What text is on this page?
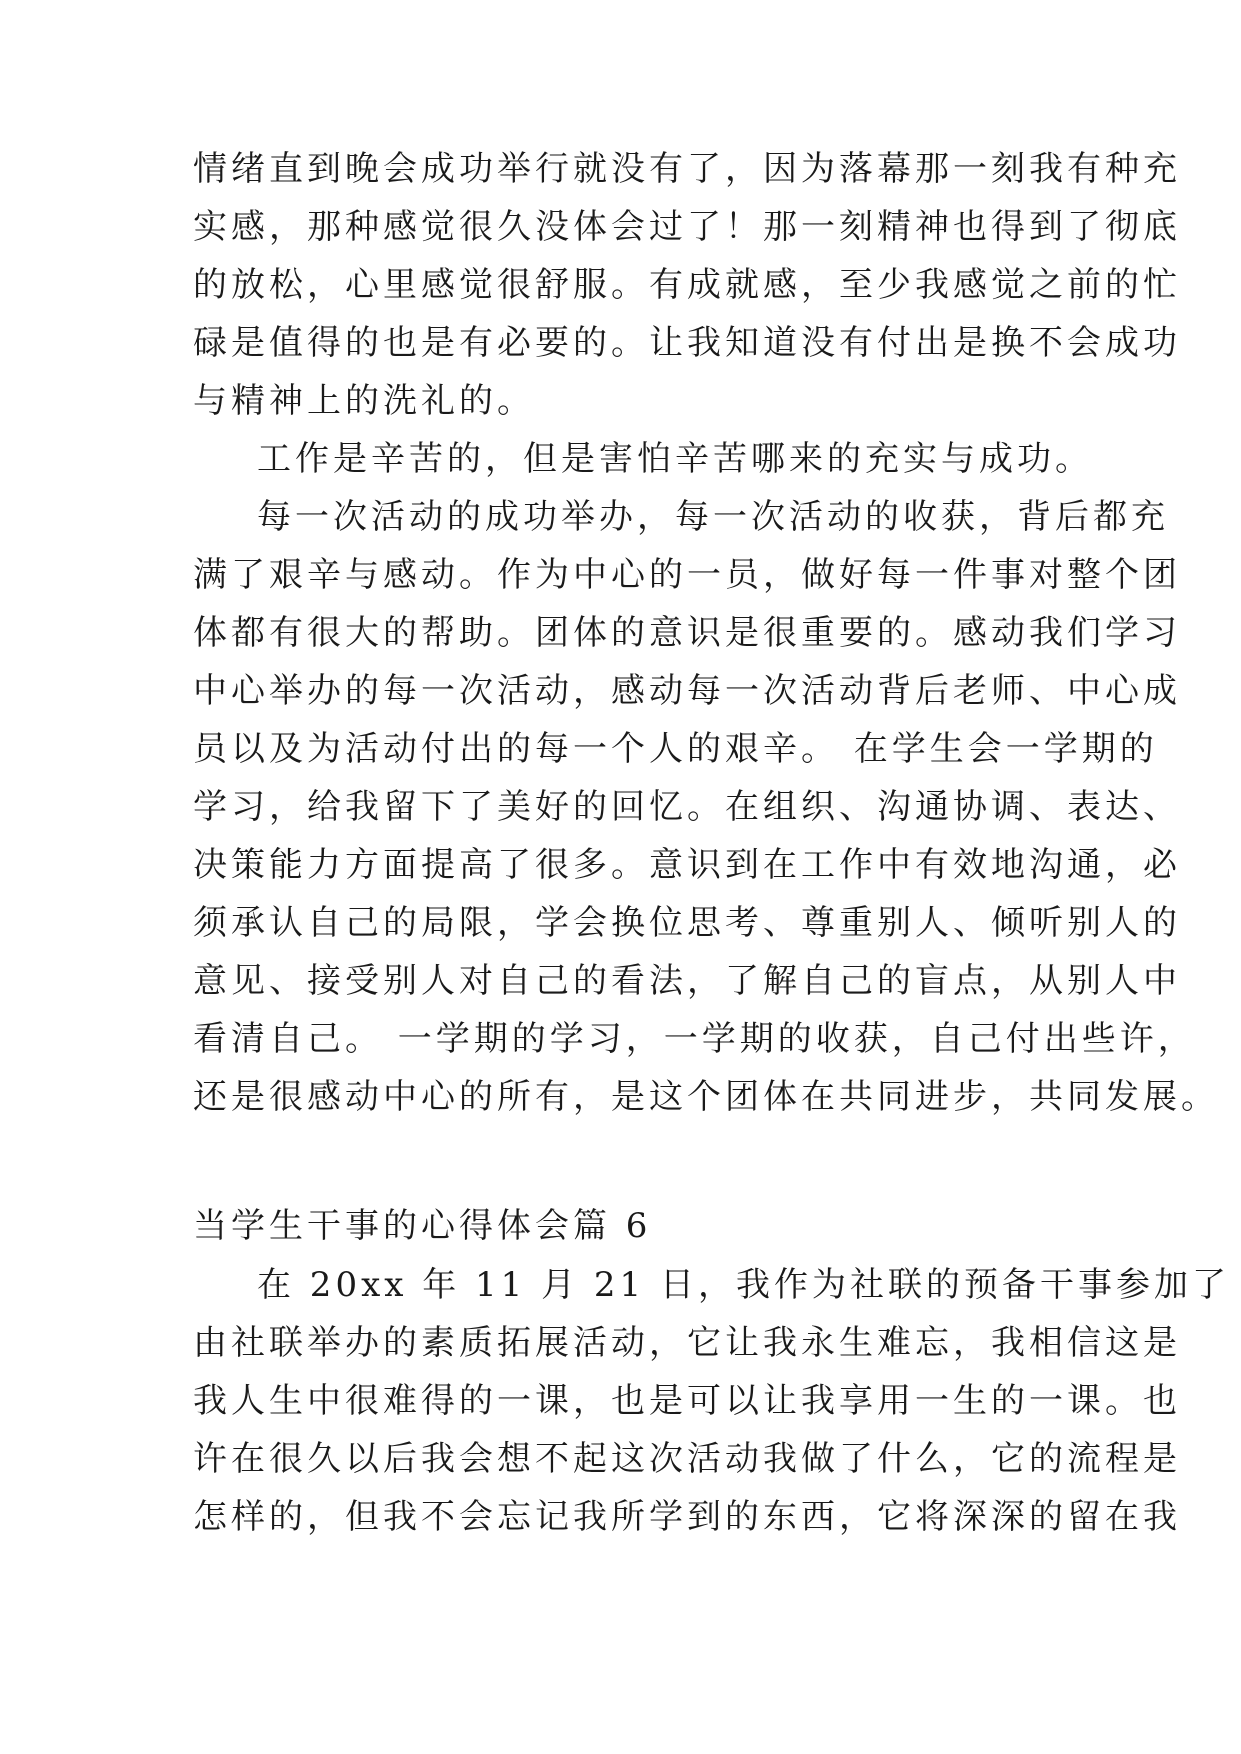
情绪直到晚会成功举行就没有了，因为落幕那一刻我有种充
实感，那种感觉很久没体会过了！那一刻精神也得到了彻底
的放松，心里感觉很舒服。有成就感，至少我感觉之前的忙
碌是值得的也是有必要的。让我知道没有付出是换不会成功
与精神上的洗礼的。
工作是辛苦的，但是害怕辛苦哪来的充实与成功。
每一次活动的成功举办，每一次活动的收获，背后都充
满了艰辛与感动。作为中心的一员，做好每一件事对整个团
体都有很大的帮助。团体的意识是很重要的。感动我们学习
中心举办的每一次活动，感动每一次活动背后老师、中心成
员以及为活动付出的每一个人的艰辛。 在学生会一学期的
学习，给我留下了美好的回忆。在组织、沟通协调、表达、
决策能力方面提高了很多。意识到在工作中有效地沟通，必
须承认自己的局限，学会换位思考、尊重别人、倾听别人的
意见、接受别人对自己的看法，了解自己的盲点，从别人中
看清自己。 一学期的学习，一学期的收获，自己付出些许，
还是很感动中心的所有，是这个团体在共同进步，共同发展。
当学生干事的心得体会篇 6
在 20xx 年 11 月 21 日，我作为社联的预备干事参加了
由社联举办的素质拓展活动，它让我永生难忘，我相信这是
我人生中很难得的一课，也是可以让我享用一生的一课。也
许在很久以后我会想不起这次活动我做了什么，它的流程是
怎样的，但我不会忘记我所学到的东西，它将深深的留在我
